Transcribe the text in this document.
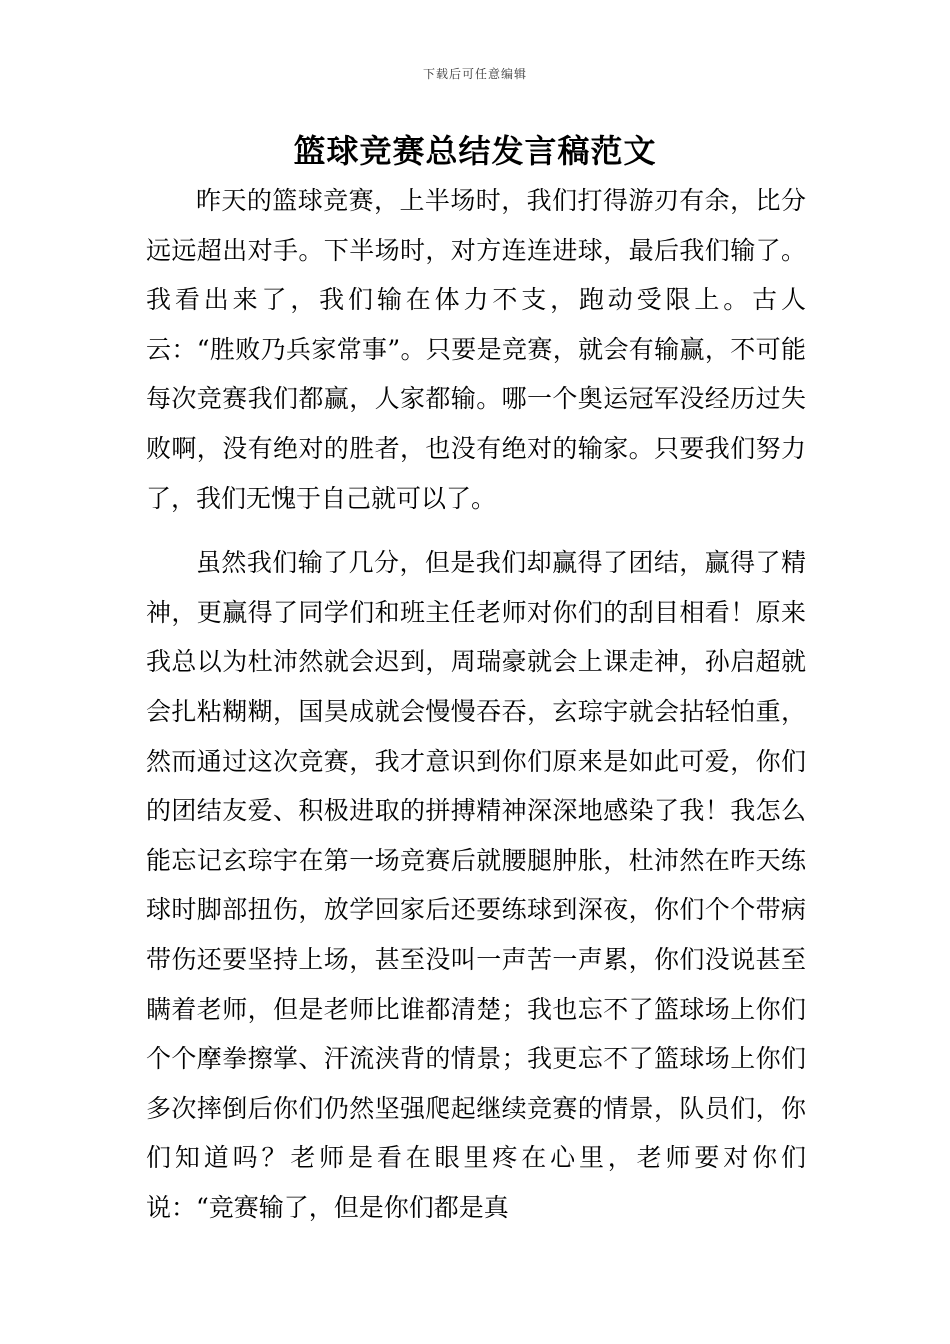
下载后可任意编辑
篮球竞赛总结发言稿范文

昨天的篮球竞赛，上半场时，我们打得游刃有余，比分远远超出对手。下半场时，对方连连进球，最后我们输了。我看出来了，我们输在体力不支，跑动受限上。古人云：“胜败乃兵家常事”。只要是竞赛，就会有输赢，不可能每次竞赛我们都赢，人家都输。哪一个奥运冠军没经历过失败啊，没有绝对的胜者，也没有绝对的输家。只要我们努力了，我们无愧于自己就可以了。

虽然我们输了几分，但是我们却赢得了团结，赢得了精神，更赢得了同学们和班主任老师对你们的刮目相看！原来我总以为杜沛然就会迟到，周瑞豪就会上课走神，孙启超就会扎粘糊糊，国昊成就会慢慢吞吞，玄琮宇就会拈轻怕重，然而通过这次竞赛，我才意识到你们原来是如此可爱，你们的团结友爱、积极进取的拼搏精神深深地感染了我！我怎么能忘记玄琮宇在第一场竞赛后就腰腿肿胀，杜沛然在昨天练球时脚部扭伤，放学回家后还要练球到深夜，你们个个带病带伤还要坚持上场，甚至没叫一声苦一声累，你们没说甚至瞒着老师，但是老师比谁都清楚；我也忘不了篮球场上你们个个摩拳擦掌、汗流浃背的情景；我更忘不了篮球场上你们多次摔倒后你们仍然坚强爬起继续竞赛的情景，队员们，你们知道吗？老师是看在眼里疼在心里，老师要对你们说：“竞赛输了，但是你们都是真
